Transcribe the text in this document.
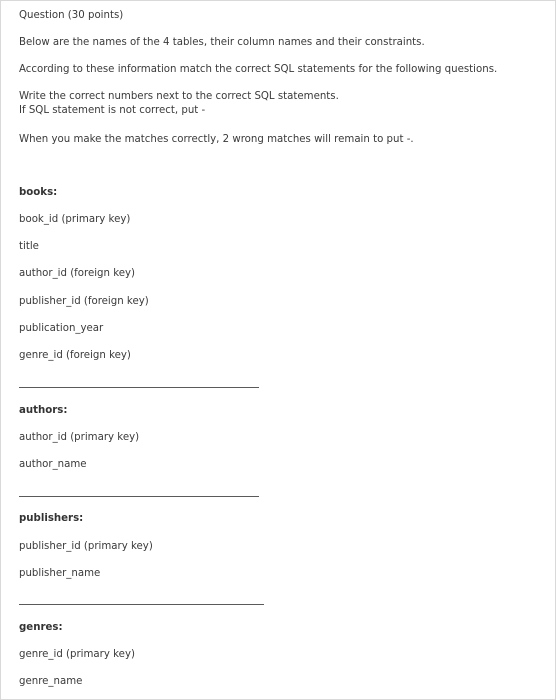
Question (30 points)
Below are the names of the 4 tables, their column names and their constraints.
According to these information match the correct SQL statements for the following questions.
Write the correct numbers next to the correct SQL statements.
If SQL statement is not correct, put -
When you make the matches correctly, 2 wrong matches will remain to put -.
books:
book_id (primary key)
title
author_id (foreign key)
publisher_id (foreign key)
publication_year
genre_id (foreign key)
authors:
author_id (primary key)
author_name
publishers:
publisher_id (primary key)
publisher_name
genres:
genre_id (primary key)
genre_name
